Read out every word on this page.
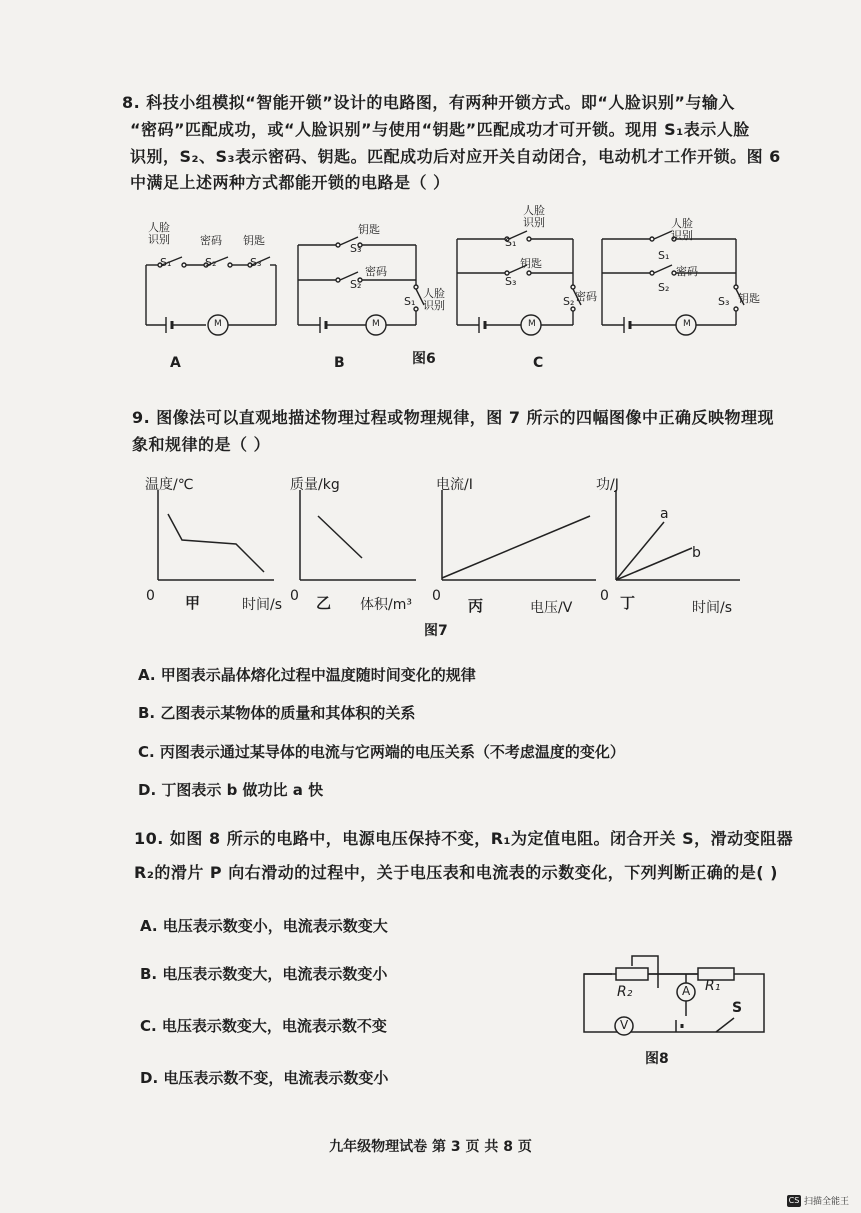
8. 科技小组模拟“智能开锁”设计的电路图，有两种开锁方式。即“人脸识别”与输入
“密码”匹配成功，或“人脸识别”与使用“钥匙”匹配成功才可开锁。现用 S₁表示人脸
识别，S₂、S₃表示密码、钥匙。匹配成功后对应开关自动闭合，电动机才工作开锁。图 6
中满足上述两种方式都能开锁的电路是（ ）
人脸
识别	密码 钥匙
S₁	S₂	S₃
M
A
钥匙
S₃
密码
S₂
S₁
人脸
识别
M
B
人脸
识别
S₁
钥匙
S₃
S₂ 密码
M
C
人脸
识别
S₁
密码
S₂
S₃ 钥匙
M
图6
9. 图像法可以直观地描述物理过程或物理规律，图 7 所示的四幅图像中正确反映物理现
象和规律的是（ ）
温度/℃
0 甲	时间/s
质量/kg
0 乙 体积/m³
电流/I
0
丙	电压/V
功/J
a
b
0 丁	时间/s
图7
A. 甲图表示晶体熔化过程中温度随时间变化的规律
B. 乙图表示某物体的质量和其体积的关系
C. 丙图表示通过某导体的电流与它两端的电压关系（不考虑温度的变化）
D. 丁图表示 b 做功比 a 快
10. 如图 8 所示的电路中，电源电压保持不变，R₁为定值电阻。闭合开关 S，滑动变阻器
R₂的滑片 P 向右滑动的过程中，关于电压表和电流表的示数变化，下列判断正确的是( )
A. 电压表示数变小，电流表示数变大
B. 电压表示数变大，电流表示数变小
C. 电压表示数变大，电流表示数不变
D. 电压表示数不变，电流表示数变小
R₂	R₁
A
V
S
图8
九年级物理试卷 第 3 页 共 8 页
CS 扫描全能王
